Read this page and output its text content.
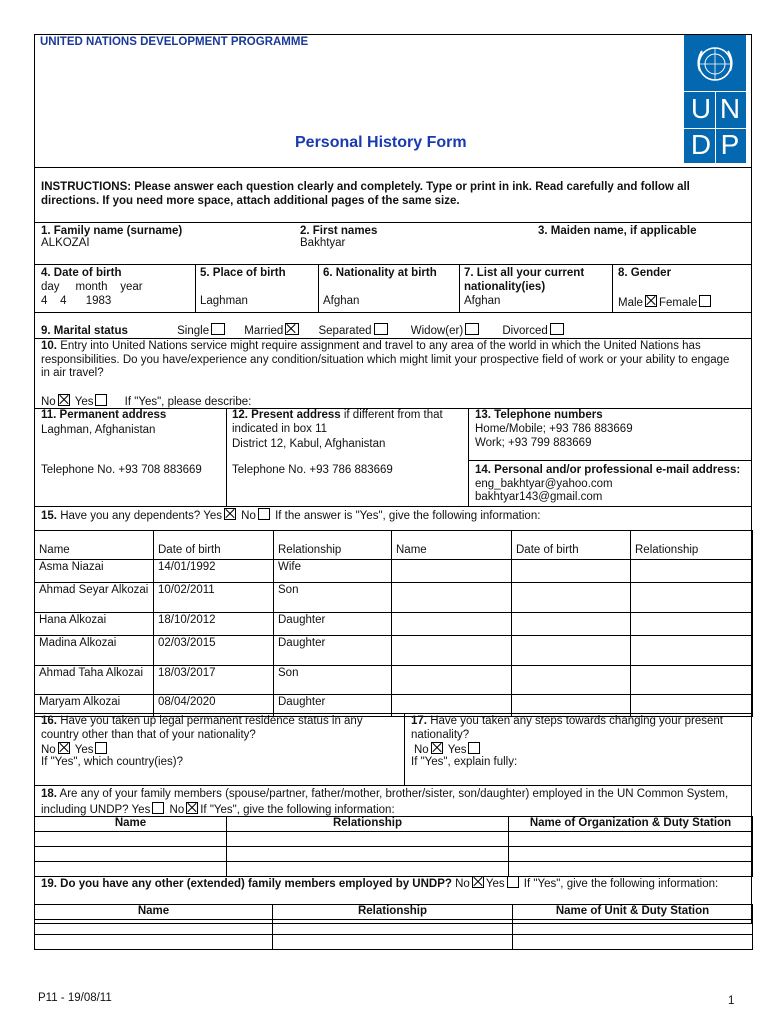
UNITED NATIONS DEVELOPMENT PROGRAMME
Personal History Form
U N
D P
INSTRUCTIONS: Please answer each question clearly and completely. Type or print in ink. Read carefully and follow all directions. If you need more space, attach additional pages of the same size.
1. Family name (surname)
ALKOZAI
2. First names
Bakhtyar
3. Maiden name, if applicable
4. Date of birth
day     month    year
4    4      1983
5. Place of birth
Laghman
6. Nationality at birth
Afghan
7. List all your current nationality(ies)
Afghan
8. Gender
Male Female
9. Marital status	Single	Married	Separated	Widow(er)	Divorced
10. Entry into United Nations service might require assignment and travel to any area of the world in which the United Nations has responsibilities. Do you have/experience any condition/situation which might limit your prospective field of work or your ability to engage in air travel?
No Yes	If "Yes", please describe:
11. Permanent address
Laghman, Afghanistan
Telephone No. +93 708 883669
12. Present address if different from that indicated in box 11
District 12, Kabul, Afghanistan
Telephone No. +93 786 883669
13. Telephone numbers
Home/Mobile; +93 786 883669
Work; +93 799 883669
14. Personal and/or professional e-mail address: eng_bakhtyar@yahoo.com
bakhtyar143@gmail.com
15. Have you any dependents? Yes No If the answer is "Yes", give the following information:
Name	Date of birth	Relationship	Name	Date of birth	Relationship
Asma Niazai	14/01/1992	Wife			
Ahmad Seyar Alkozai	10/02/2011	Son			
Hana Alkozai	18/10/2012	Daughter			
Madina Alkozai	02/03/2015	Daughter			
Ahmad Taha Alkozai	18/03/2017	Son			
Maryam Alkozai	08/04/2020	Daughter			
16. Have you taken up legal permanent residence status in any country other than that of your nationality?
No Yes
If "Yes", which country(ies)?
17. Have you taken any steps towards changing your present nationality?
No Yes
If "Yes", explain fully:
18. Are any of your family members (spouse/partner, father/mother, brother/sister, son/daughter) employed in the UN Common System, including UNDP? Yes No If "Yes", give the following information:
Name	Relationship	Name of Organization & Duty Station

19. Do you have any other (extended) family members employed by UNDP? No Yes If "Yes", give the following information:
Name	Relationship	Name of Unit & Duty Station

P11 - 19/08/11	1
